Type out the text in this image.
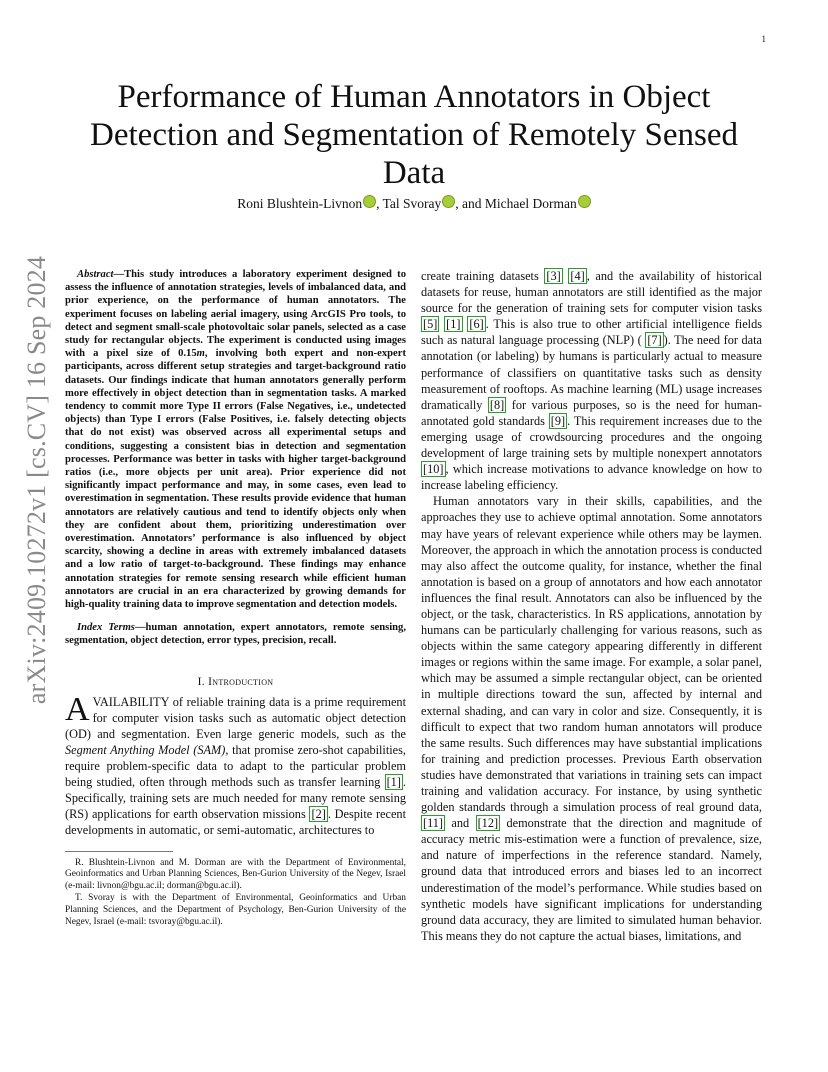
1
arXiv:2409.10272v1 [cs.CV] 16 Sep 2024
Performance of Human Annotators in Object Detection and Segmentation of Remotely Sensed Data
Roni Blushtein-Livnon , Tal Svoray , and Michael Dorman

Abstract—This study introduces a laboratory experiment designed to assess the influence of annotation strategies, levels of imbalanced data, and prior experience, on the performance of human annotators. The experiment focuses on labeling aerial imagery, using ArcGIS Pro tools, to detect and segment small-scale photovoltaic solar panels, selected as a case study for rectangular objects. The experiment is conducted using images with a pixel size of 0.15m, involving both expert and non-expert participants, across different setup strategies and target-background ratio datasets. Our findings indicate that human annotators generally perform more effectively in object detection than in segmentation tasks. A marked tendency to commit more Type II errors (False Negatives, i.e., undetected objects) than Type I errors (False Positives, i.e. falsely detecting objects that do not exist) was observed across all experimental setups and conditions, suggesting a consistent bias in detection and segmentation processes. Performance was better in tasks with higher target-background ratios (i.e., more objects per unit area). Prior experience did not significantly impact performance and may, in some cases, even lead to overestimation in segmentation. These results provide evidence that human annotators are relatively cautious and tend to identify objects only when they are confident about them, prioritizing underestimation over overestimation. Annotators’ performance is also influenced by object scarcity, showing a decline in areas with extremely imbalanced datasets and a low ratio of target-to-background. These findings may enhance annotation strategies for remote sensing research while efficient human annotators are crucial in an era characterized by growing demands for high-quality training data to improve segmentation and detection models.

Index Terms—human annotation, expert annotators, remote sensing, segmentation, object detection, error types, precision, recall.

I. Introduction

AVAILABILITY of reliable training data is a prime requirement for computer vision tasks such as automatic object detection (OD) and segmentation. Even large generic models, such as the Segment Anything Model (SAM), that promise zero-shot capabilities, require problem-specific data to adapt to the particular problem being studied, often through methods such as transfer learning [1] . Specifically, training sets are much needed for many remote sensing (RS) applications for earth observation missions [2] . Despite recent developments in automatic, or semi-automatic, architectures to

R. Blushtein-Livnon and M. Dorman are with the Department of Environmental, Geoinformatics and Urban Planning Sciences, Ben-Gurion University of the Negev, Israel (e-mail: livnon@bgu.ac.il; dorman@bgu.ac.il).

T. Svoray is with the Department of Environmental, Geoinformatics and Urban Planning Sciences, and the Department of Psychology, Ben-Gurion University of the Negev, Israel (e-mail: tsvoray@bgu.ac.il).

create training datasets [3] [4] , and the availability of historical datasets for reuse, human annotators are still identified as the major source for the generation of training sets for computer vision tasks [5] [1] [6] . This is also true to other artificial intelligence fields such as natural language processing (NLP) ( [7] ). The need for data annotation (or labeling) by humans is particularly actual to measure performance of classifiers on quantitative tasks such as density measurement of rooftops. As machine learning (ML) usage increases dramatically [8] for various purposes, so is the need for human-annotated gold standards [9] . This requirement increases due to the emerging usage of crowdsourcing procedures and the ongoing development of large training sets by multiple nonexpert annotators [10] , which increase motivations to advance knowledge on how to increase labeling efficiency.

Human annotators vary in their skills, capabilities, and the approaches they use to achieve optimal annotation. Some annotators may have years of relevant experience while others may be laymen. Moreover, the approach in which the annotation process is conducted may also affect the outcome quality, for instance, whether the final annotation is based on a group of annotators and how each annotator influences the final result. Annotators can also be influenced by the object, or the task, characteristics. In RS applications, annotation by humans can be particularly challenging for various reasons, such as objects within the same category appearing differently in different images or regions within the same image. For example, a solar panel, which may be assumed a simple rectangular object, can be oriented in multiple directions toward the sun, affected by internal and external shading, and can vary in color and size. Consequently, it is difficult to expect that two random human annotators will produce the same results. Such differences may have substantial implications for training and prediction processes. Previous Earth observation studies have demonstrated that variations in training sets can impact training and validation accuracy. For instance, by using synthetic golden standards through a simulation process of real ground data, [11] and [12] demonstrate that the direction and magnitude of accuracy metric mis-estimation were a function of prevalence, size, and nature of imperfections in the reference standard. Namely, ground data that introduced errors and biases led to an incorrect underestimation of the model’s performance. While studies based on synthetic models have significant implications for understanding ground data accuracy, they are limited to simulated human behavior. This means they do not capture the actual biases, limitations, and
